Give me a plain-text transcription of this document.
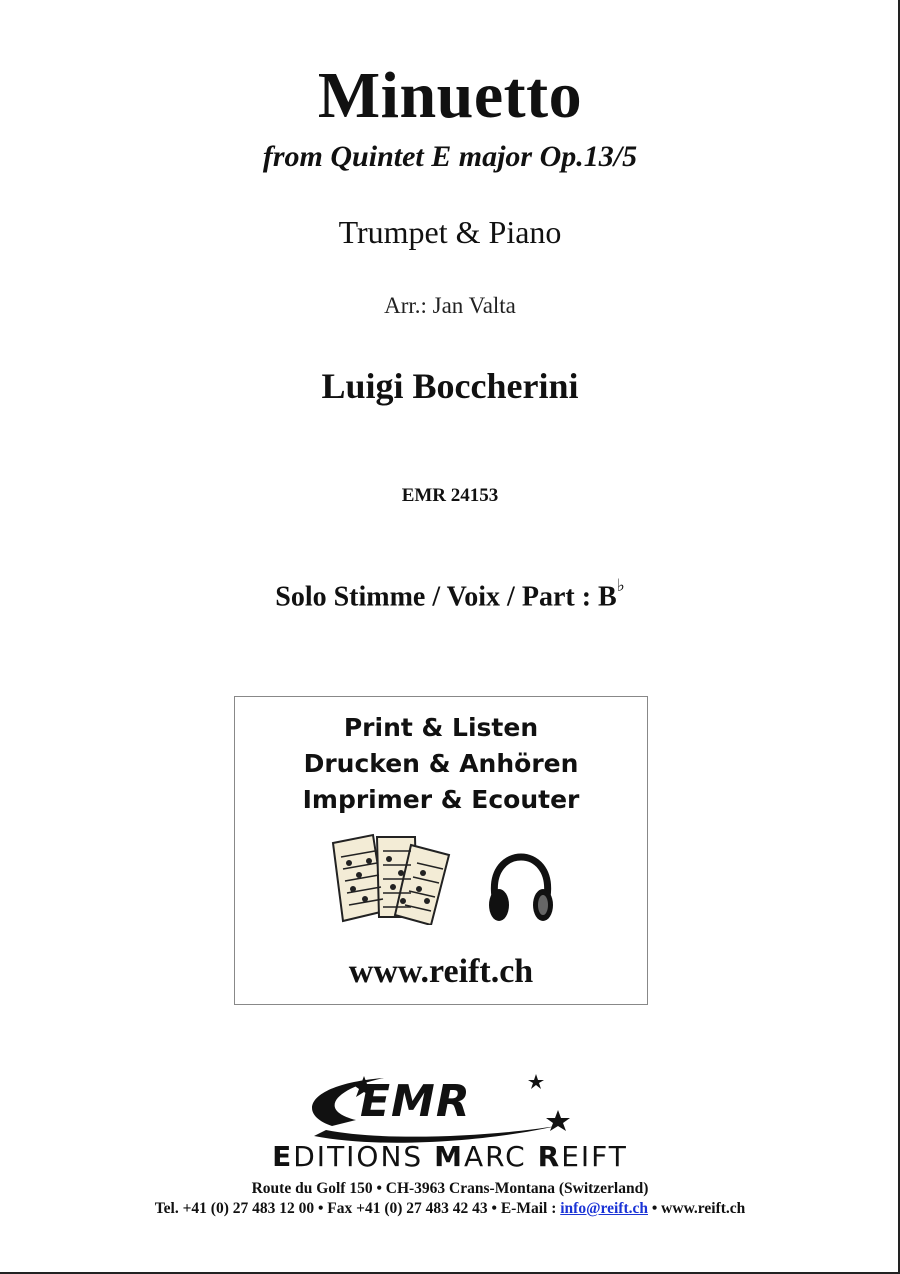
Minuetto
from Quintet E major Op.13/5
Trumpet & Piano
Arr.: Jan Valta
Luigi Boccherini
EMR 24153
Solo Stimme / Voix / Part : B♭
Print & Listen
Drucken & Anhören
Imprimer & Ecouter
www.reift.ch
EMR
EDITIONS MARC REIFT
Route du Golf 150 • CH-3963 Crans-Montana (Switzerland)
Tel. +41 (0) 27 483 12 00 • Fax +41 (0) 27 483 42 43 • E-Mail : info@reift.ch • www.reift.ch
